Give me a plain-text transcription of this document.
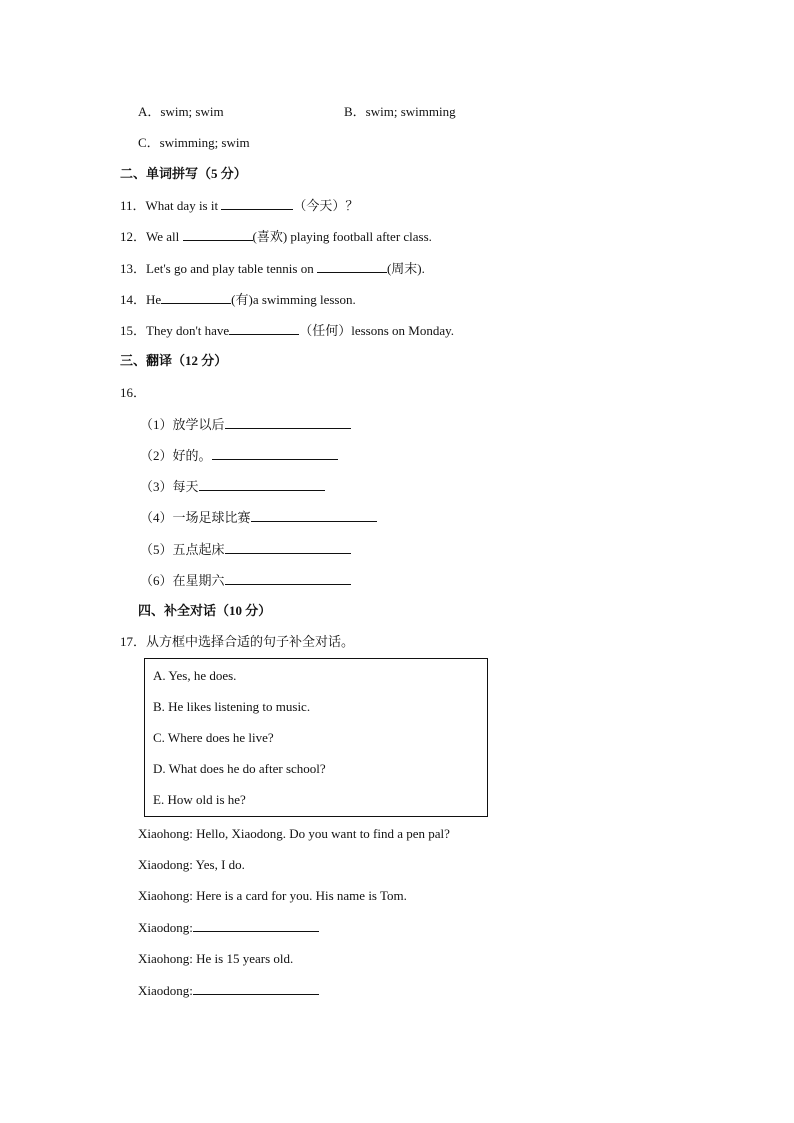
A．swim; swim	B．swim; swimming
C．swimming; swim
二、单词拼写（5 分）
11．What day is it	（今天）？
12．We all	(喜欢) playing football after class.
13．Let's go and play table tennis on	(周末).
14．He	(有)a swimming lesson.
15．They don't have	（任何）lessons on Monday.
三、翻译（12 分）
16．
（1）放学以后
（2）好的。
（3）每天
（4）一场足球比赛
（5）五点起床
（6）在星期六
四、补全对话（10 分）
17．从方框中选择合适的句子补全对话。
A. Yes, he does.
B. He likes listening to music.
C. Where does he live?
D. What does he do after school?
E. How old is he?
Xiaohong: Hello, Xiaodong. Do you want to find a pen pal?
Xiaodong: Yes, I do.
Xiaohong: Here is a card for you. His name is Tom.
Xiaodong:
Xiaohong: He is 15 years old.
Xiaodong:
